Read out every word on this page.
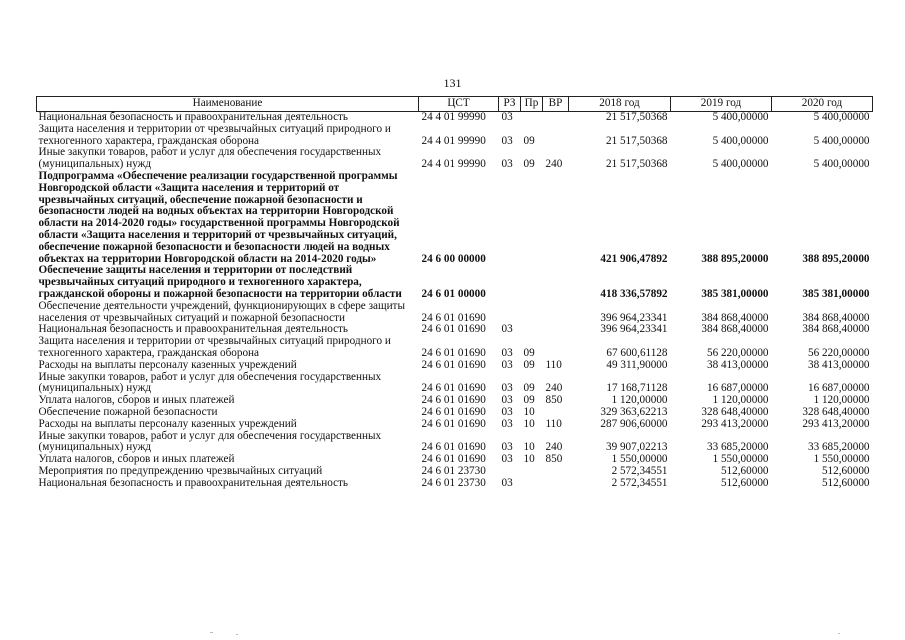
131
Наименование	ЦСТ	РЗ	Пр	ВР	2018 год	2019 год	2020 год
Национальная безопасность и правоохранительная деятельность	24 4 01 99990	03			21 517,50368	5 400,00000	5 400,00000
Защита населения и территории от чрезвычайных ситуаций природного и техногенного характера, гражданская оборона	24 4 01 99990	03	09		21 517,50368	5 400,00000	5 400,00000
Иные закупки товаров, работ и услуг для обеспечения государственных (муниципальных) нужд	24 4 01 99990	03	09	240	21 517,50368	5 400,00000	5 400,00000
Подпрограмма «Обеспечение реализации государственной программы Новгородской области «Защита населения и территорий от чрезвычайных ситуаций, обеспечение пожарной безопасности и безопасности людей на водных объектах на территории Новгородской области на 2014-2020 годы» государственной программы Новгородской области «Защита населения и территорий от чрезвычайных ситуаций, обеспечение пожарной безопасности и безопасности людей на водных объектах на территории Новгородской области на 2014-2020 годы»	24 6 00 00000				421 906,47892	388 895,20000	388 895,20000
Обеспечение защиты населения и территории от последствий чрезвычайных ситуаций природного и техногенного характера, гражданской обороны и пожарной безопасности на территории области	24 6 01 00000				418 336,57892	385 381,00000	385 381,00000
Обеспечение деятельности учреждений, функционирующих в сфере защиты населения от чрезвычайных ситуаций и пожарной безопасности	24 6 01 01690				396 964,23341	384 868,40000	384 868,40000
Национальная безопасность и правоохранительная деятельность	24 6 01 01690	03			396 964,23341	384 868,40000	384 868,40000
Защита населения и территории от чрезвычайных ситуаций природного и техногенного характера, гражданская оборона	24 6 01 01690	03	09		67 600,61128	56 220,00000	56 220,00000
Расходы на выплаты персоналу казенных учреждений	24 6 01 01690	03	09	110	49 311,90000	38 413,00000	38 413,00000
Иные закупки товаров, работ и услуг для обеспечения государственных (муниципальных) нужд	24 6 01 01690	03	09	240	17 168,71128	16 687,00000	16 687,00000
Уплата налогов, сборов и иных платежей	24 6 01 01690	03	09	850	1 120,00000	1 120,00000	1 120,00000
Обеспечение пожарной безопасности	24 6 01 01690	03	10		329 363,62213	328 648,40000	328 648,40000
Расходы на выплаты персоналу казенных учреждений	24 6 01 01690	03	10	110	287 906,60000	293 413,20000	293 413,20000
Иные закупки товаров, работ и услуг для обеспечения государственных (муниципальных) нужд	24 6 01 01690	03	10	240	39 907,02213	33 685,20000	33 685,20000
Уплата налогов, сборов и иных платежей	24 6 01 01690	03	10	850	1 550,00000	1 550,00000	1 550,00000
Мероприятия по предупреждению чрезвычайных ситуаций	24 6 01 23730				2 572,34551	512,60000	512,60000
Национальная безопасность и правоохранительная деятельность	24 6 01 23730	03			2 572,34551	512,60000	512,60000
